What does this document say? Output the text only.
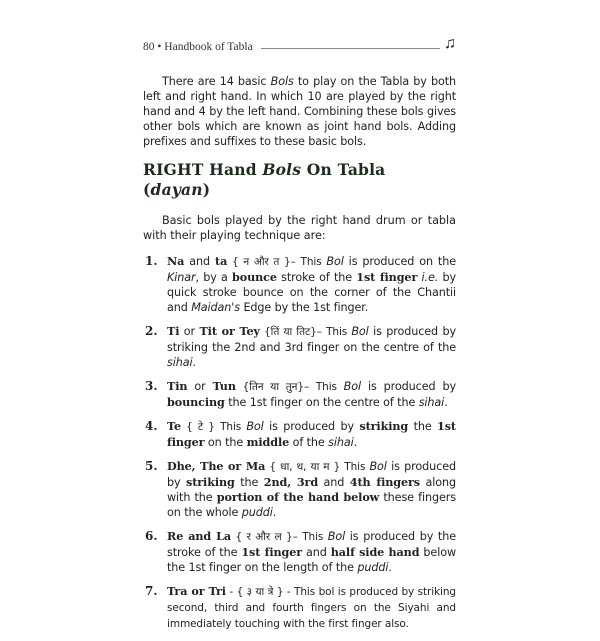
80 • Handbook of Tabla	♫

There are 14 basic Bols to play on the Tabla by both left and right hand. In which 10 are played by the right hand and 4 by the left hand. Combining these bols gives other bols which are known as joint hand bols. Adding prefixes and suffixes to these basic bols.

RIGHT Hand Bols On Tabla (dayan)

Basic bols played by the right hand drum or tabla with their playing technique are:

1. Na and ta { न और त }– This Bol is produced on the Kinar, by a bounce stroke of the 1st finger i.e. by quick stroke bounce on the corner of the Chantii and Maidan's Edge by the 1st finger.
2. Ti or Tit or Tey {तिं या तिट}– This Bol is produced by striking the 2nd and 3rd finger on the centre of the sihai.
3. Tin or Tun {तिन या तुन}– This Bol is produced by bouncing the 1st finger on the centre of the sihai.
4. Te { टे } This Bol is produced by striking the 1st finger on the middle of the sihai.
5. Dhe, The or Ma { धा, थ, या म } This Bol is produced by striking the 2nd, 3rd and 4th fingers along with the portion of the hand below these fingers on the whole puddi.
6. Re and La { र और ल }– This Bol is produced by the stroke of the 1st finger and half side hand below the 1st finger on the length of the puddi.
7. Tra or Tri - { ३ या त्रे } - This bol is produced by striking second, third and fourth fingers on the Siyahi and immediately touching with the first finger also.
